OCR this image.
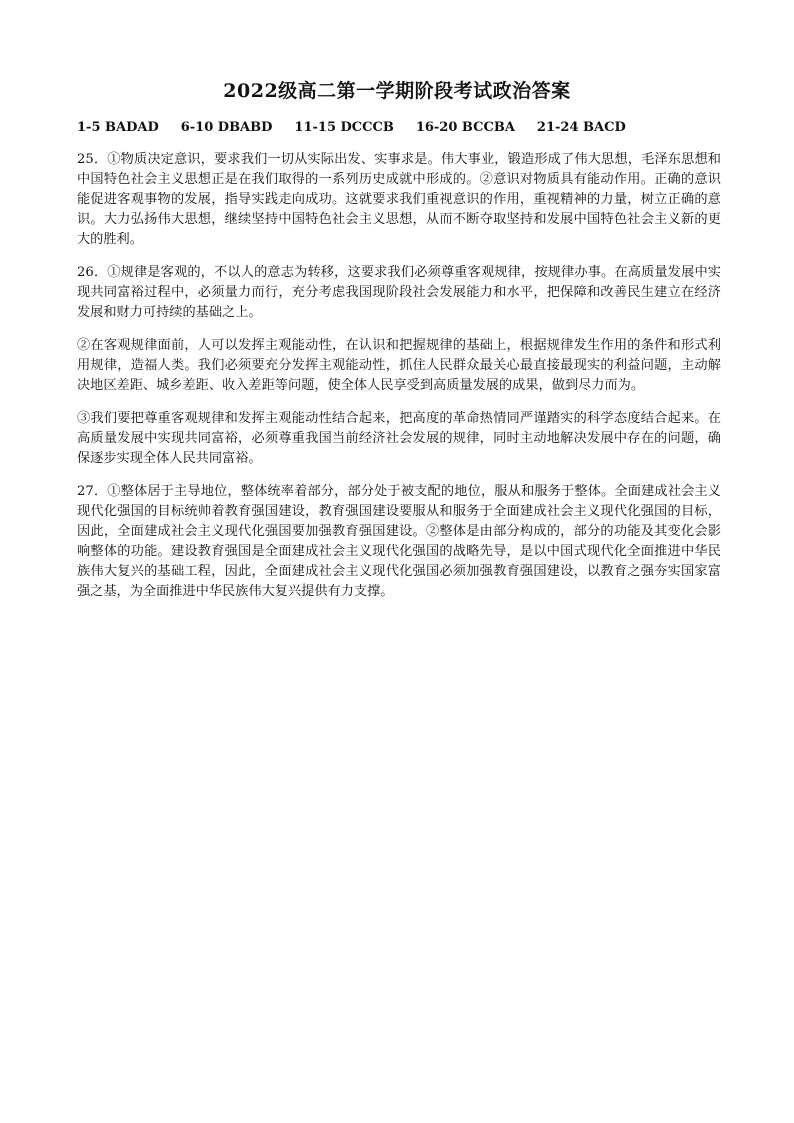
2022级高二第一学期阶段考试政治答案
1-5 BADAD 6-10 DBABD 11-15 DCCCB 16-20 BCCBA 21-24 BACD

25．①物质决定意识，要求我们一切从实际出发、实事求是。伟大事业，锻造形成了伟大思想，毛泽东思想和中国特色社会主义思想正是在我们取得的一系列历史成就中形成的。②意识对物质具有能动作用。正确的意识能促进客观事物的发展，指导实践走向成功。这就要求我们重视意识的作用，重视精神的力量，树立正确的意识。大力弘扬伟大思想，继续坚持中国特色社会主义思想，从而不断夺取坚持和发展中国特色社会主义新的更大的胜利。

26．①规律是客观的，不以人的意志为转移，这要求我们必须尊重客观规律，按规律办事。在高质量发展中实现共同富裕过程中，必须量力而行，充分考虑我国现阶段社会发展能力和水平，把保障和改善民生建立在经济发展和财力可持续的基础之上。

②在客观规律面前，人可以发挥主观能动性，在认识和把握规律的基础上，根据规律发生作用的条件和形式利用规律，造福人类。我们必须要充分发挥主观能动性，抓住人民群众最关心最直接最现实的利益问题，主动解决地区差距、城乡差距、收入差距等问题，使全体人民享受到高质量发展的成果，做到尽力而为。

③我们要把尊重客观规律和发挥主观能动性结合起来，把高度的革命热情同严谨踏实的科学态度结合起来。在高质量发展中实现共同富裕，必须尊重我国当前经济社会发展的规律，同时主动地解决发展中存在的问题，确保逐步实现全体人民共同富裕。

27．①整体居于主导地位，整体统率着部分，部分处于被支配的地位，服从和服务于整体。全面建成社会主义现代化强国的目标统帅着教育强国建设，教育强国建设要服从和服务于全面建成社会主义现代化强国的目标，因此，全面建成社会主义现代化强国要加强教育强国建设。②整体是由部分构成的，部分的功能及其变化会影响整体的功能。建设教育强国是全面建成社会主义现代化强国的战略先导，是以中国式现代化全面推进中华民族伟大复兴的基础工程，因此，全面建成社会主义现代化强国必须加强教育强国建设，以教育之强夯实国家富强之基，为全面推进中华民族伟大复兴提供有力支撑。
